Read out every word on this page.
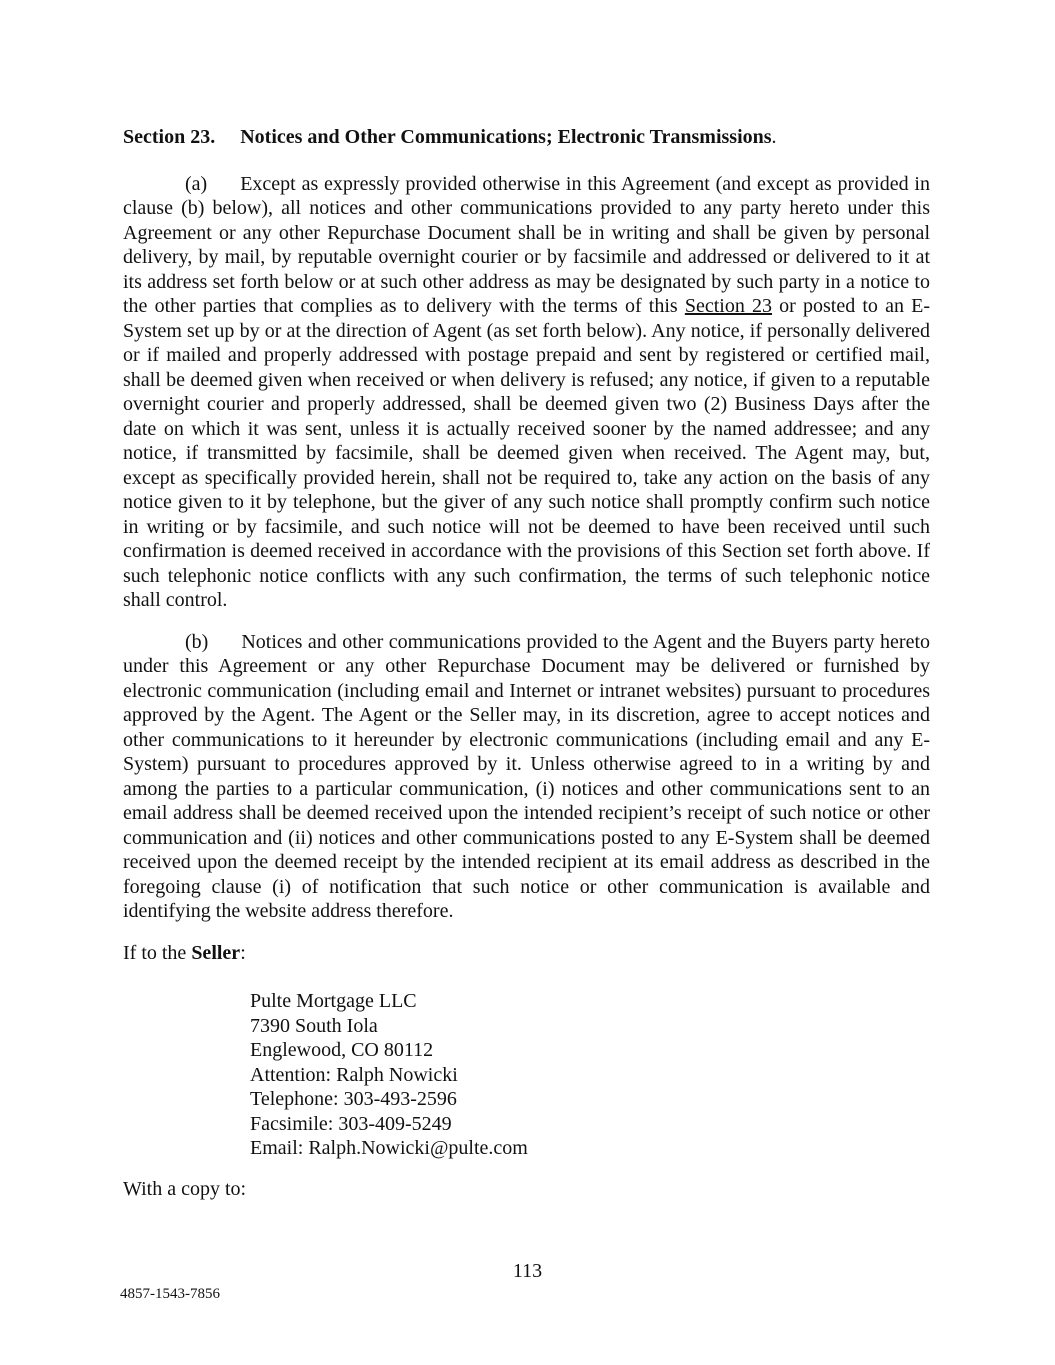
Section 23. Notices and Other Communications; Electronic Transmissions.

(a) Except as expressly provided otherwise in this Agreement (and except as provided in clause (b) below), all notices and other communications provided to any party hereto under this Agreement or any other Repurchase Document shall be in writing and shall be given by personal delivery, by mail, by reputable overnight courier or by facsimile and addressed or delivered to it at its address set forth below or at such other address as may be designated by such party in a notice to the other parties that complies as to delivery with the terms of this Section 23 or posted to an E-System set up by or at the direction of Agent (as set forth below). Any notice, if personally delivered or if mailed and properly addressed with postage prepaid and sent by registered or certified mail, shall be deemed given when received or when delivery is refused; any notice, if given to a reputable overnight courier and properly addressed, shall be deemed given two (2) Business Days after the date on which it was sent, unless it is actually received sooner by the named addressee; and any notice, if transmitted by facsimile, shall be deemed given when received. The Agent may, but, except as specifically provided herein, shall not be required to, take any action on the basis of any notice given to it by telephone, but the giver of any such notice shall promptly confirm such notice in writing or by facsimile, and such notice will not be deemed to have been received until such confirmation is deemed received in accordance with the provisions of this Section set forth above. If such telephonic notice conflicts with any such confirmation, the terms of such telephonic notice shall control.

(b) Notices and other communications provided to the Agent and the Buyers party hereto under this Agreement or any other Repurchase Document may be delivered or furnished by electronic communication (including email and Internet or intranet websites) pursuant to procedures approved by the Agent. The Agent or the Seller may, in its discretion, agree to accept notices and other communications to it hereunder by electronic communications (including email and any E-System) pursuant to procedures approved by it. Unless otherwise agreed to in a writing by and among the parties to a particular communication, (i) notices and other communications sent to an email address shall be deemed received upon the intended recipient’s receipt of such notice or other communication and (ii) notices and other communications posted to any E-System shall be deemed received upon the deemed receipt by the intended recipient at its email address as described in the foregoing clause (i) of notification that such notice or other communication is available and identifying the website address therefore.

If to the Seller:

Pulte Mortgage LLC
7390 South Iola
Englewood, CO 80112
Attention: Ralph Nowicki
Telephone: 303-493-2596
Facsimile: 303-409-5249
Email: Ralph.Nowicki@pulte.com

With a copy to:

113
4857-1543-7856
